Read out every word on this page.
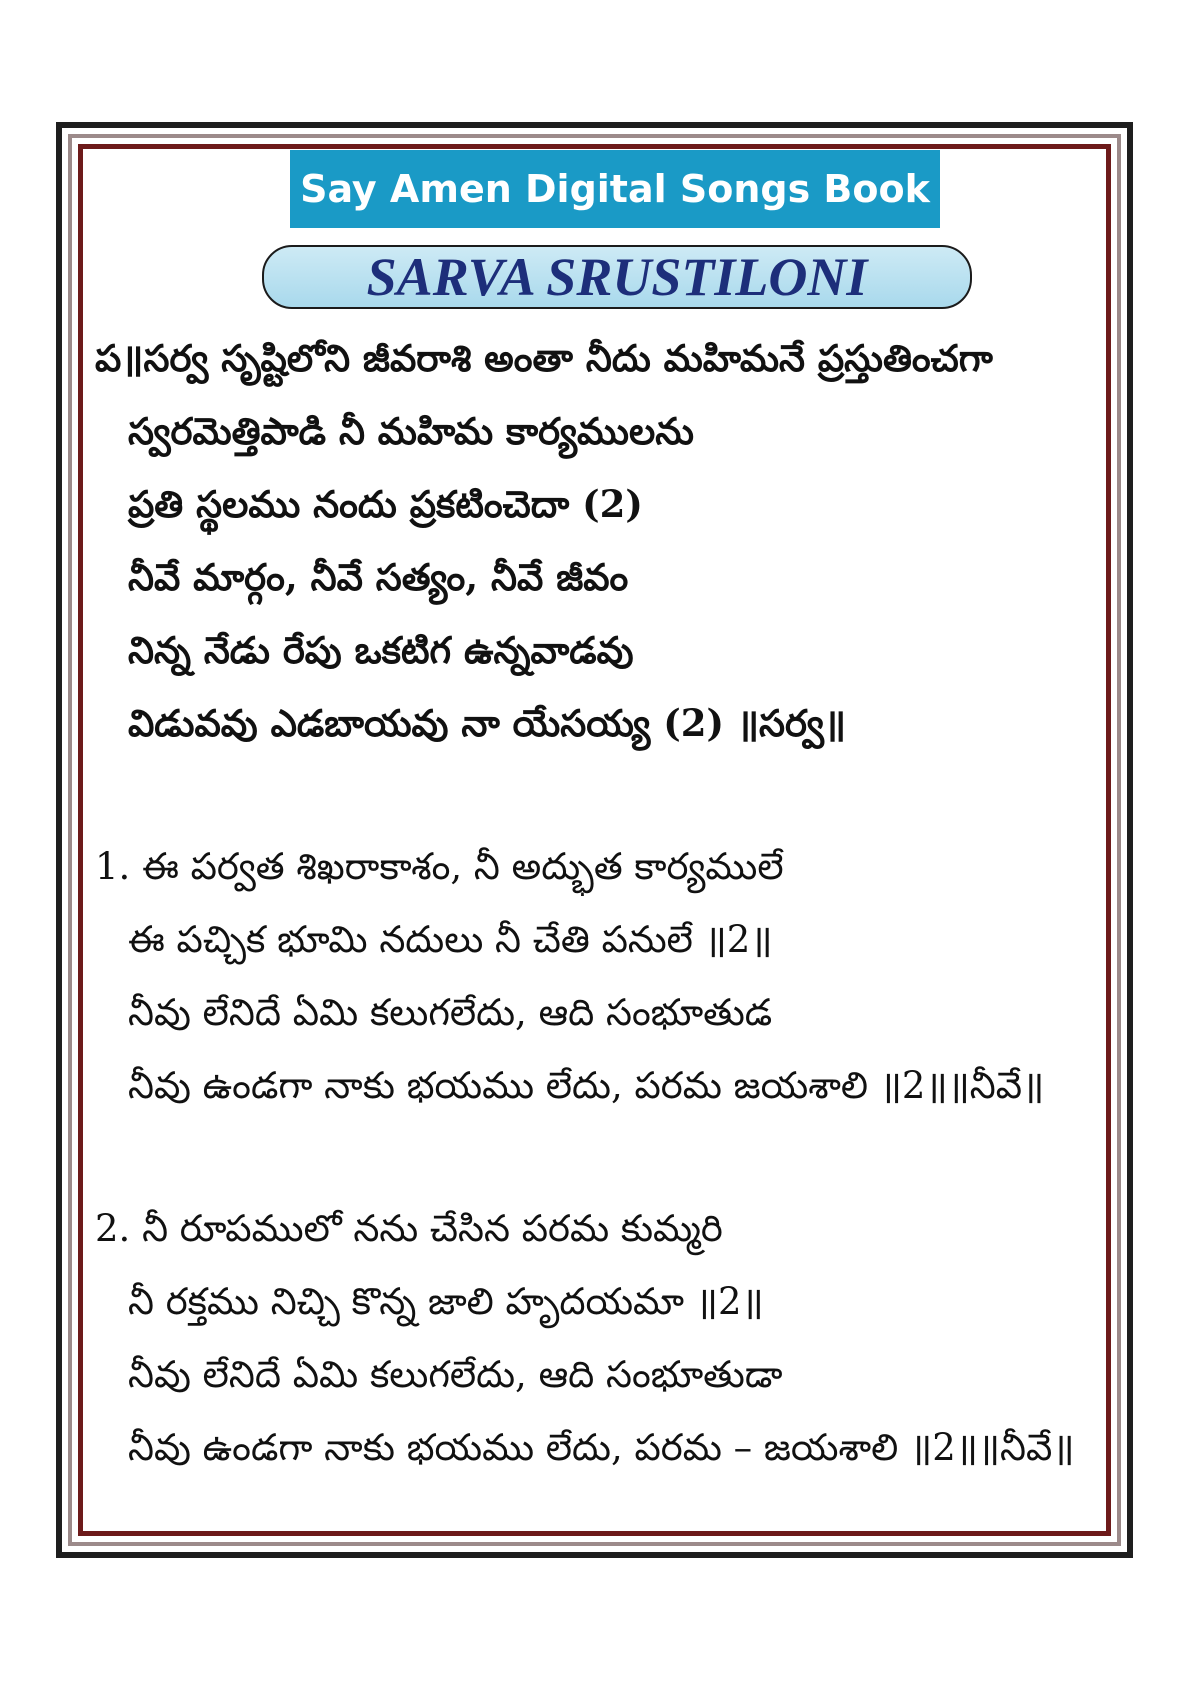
Say Amen Digital Songs Book
SARVA SRUSTILONI
ప॥సర్వ సృష్టిలోని జీవరాశి అంతా నీదు మహిమనే ప్రస్తుతించగా
స్వరమెత్తిపాడి నీ మహిమ కార్యములను
ప్రతి స్థలము నందు ప్రకటించెదా (2)
నీవే మార్గం, నీవే సత్యం, నీవే జీవం
నిన్న నేడు రేపు ఒకటిగ ఉన్నవాడవు
విడువవు ఎడబాయవు నా యేసయ్య (2) ॥సర్వ॥
1. ఈ పర్వత శిఖరాకాశం, నీ అద్భుత కార్యములే
ఈ పచ్చిక భూమి నదులు నీ చేతి పనులే ॥2॥
నీవు లేనిదే ఏమి కలుగలేదు, ఆది సంభూతుడ
నీవు ఉండగా నాకు భయము లేదు, పరమ జయశాలి ॥2॥॥నీవే॥
2. నీ రూపములో నను చేసిన పరమ కుమ్మరి
నీ రక్తము నిచ్చి కొన్న జాలి హృదయమా ॥2॥
నీవు లేనిదే ఏమి కలుగలేదు, ఆది సంభూతుడా
నీవు ఉండగా నాకు భయము లేదు, పరమ – జయశాలి ॥2॥॥నీవే॥
